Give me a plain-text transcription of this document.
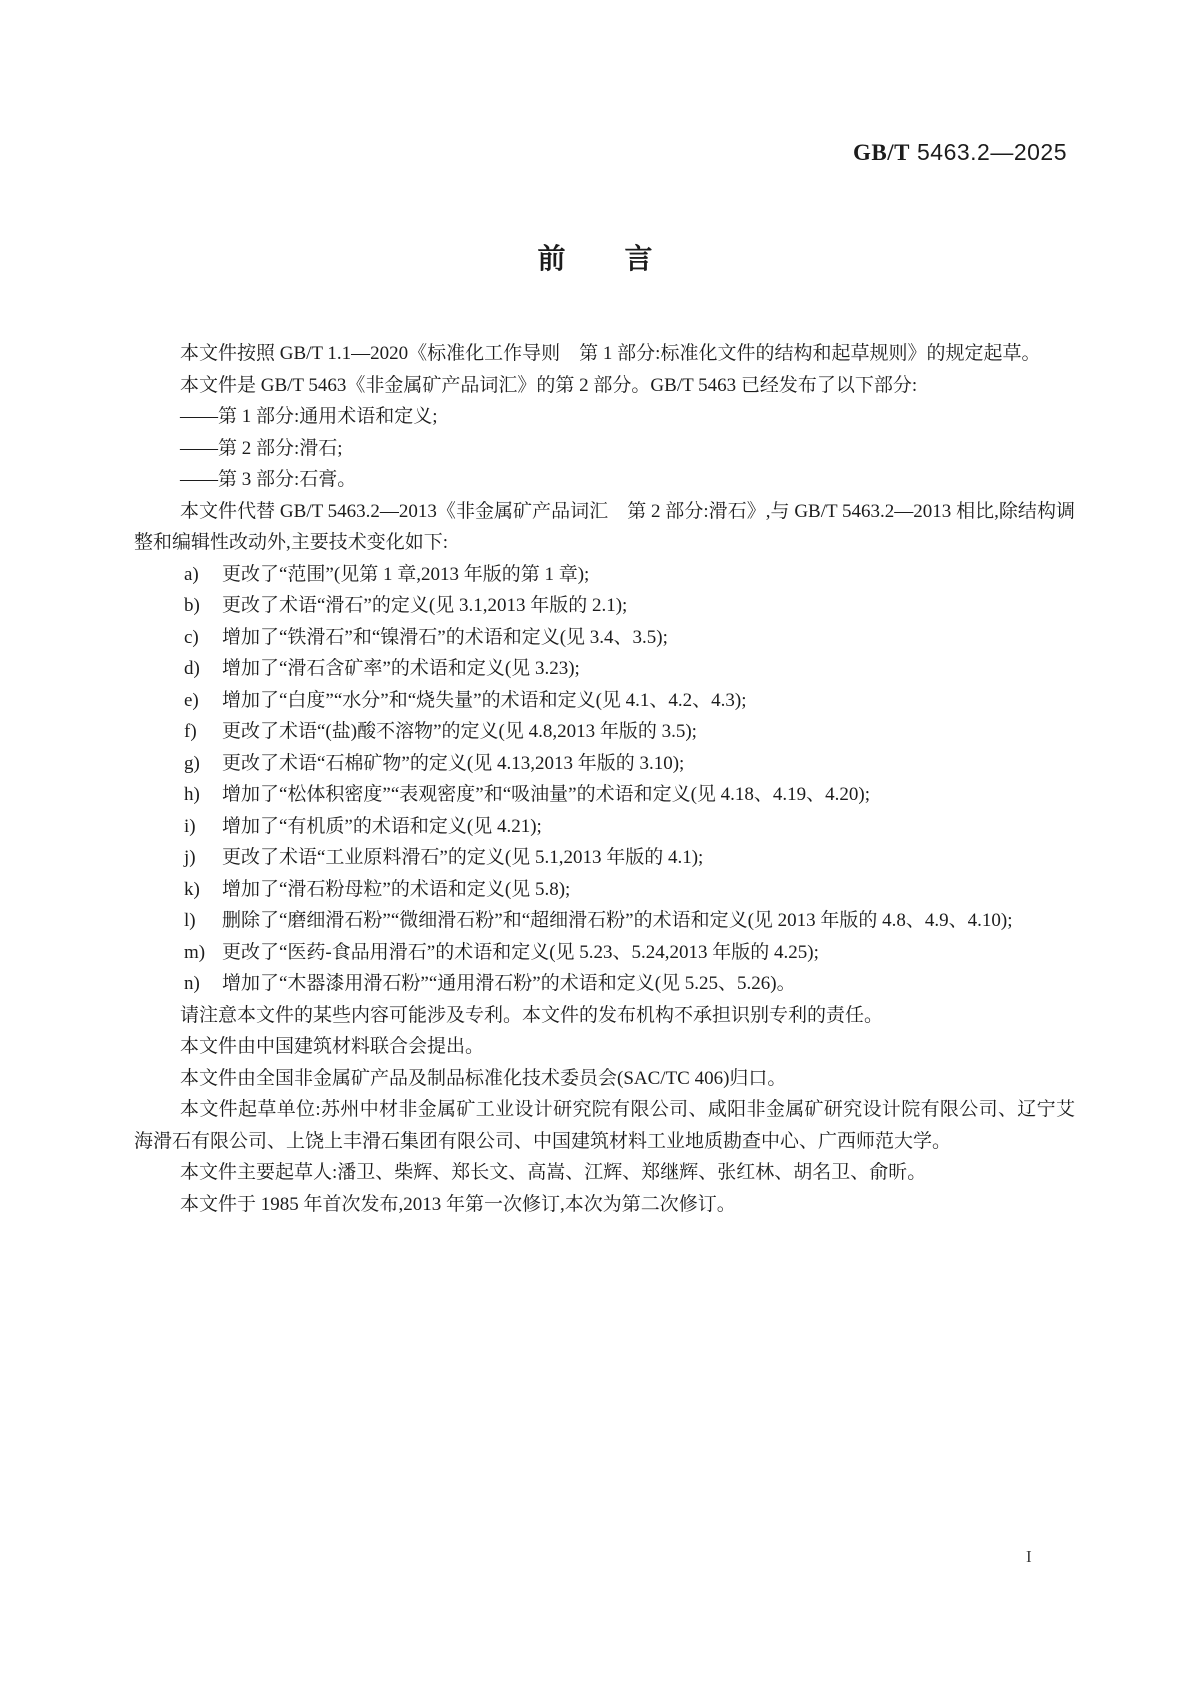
GB/T 5463.2—2025
前　　言

本文件按照 GB/T 1.1—2020《标准化工作导则　第 1 部分:标准化文件的结构和起草规则》的规定起草。

本文件是 GB/T 5463《非金属矿产品词汇》的第 2 部分。GB/T 5463 已经发布了以下部分:

——第 1 部分:通用术语和定义;

——第 2 部分:滑石;

——第 3 部分:石膏。

本文件代替 GB/T 5463.2—2013《非金属矿产品词汇　第 2 部分:滑石》,与 GB/T 5463.2—2013 相比,除结构调整和编辑性改动外,主要技术变化如下:

a) 更改了“范围”(见第 1 章,2013 年版的第 1 章);
b) 更改了术语“滑石”的定义(见 3.1,2013 年版的 2.1);
c) 增加了“铁滑石”和“镍滑石”的术语和定义(见 3.4、3.5);
d) 增加了“滑石含矿率”的术语和定义(见 3.23);
e) 增加了“白度”“水分”和“烧失量”的术语和定义(见 4.1、4.2、4.3);
f) 更改了术语“(盐)酸不溶物”的定义(见 4.8,2013 年版的 3.5);
g) 更改了术语“石棉矿物”的定义(见 4.13,2013 年版的 3.10);
h) 增加了“松体积密度”“表观密度”和“吸油量”的术语和定义(见 4.18、4.19、4.20);
i) 增加了“有机质”的术语和定义(见 4.21);
j) 更改了术语“工业原料滑石”的定义(见 5.1,2013 年版的 4.1);
k) 增加了“滑石粉母粒”的术语和定义(见 5.8);
l) 删除了“磨细滑石粉”“微细滑石粉”和“超细滑石粉”的术语和定义(见 2013 年版的 4.8、4.9、4.10);
m) 更改了“医药-食品用滑石”的术语和定义(见 5.23、5.24,2013 年版的 4.25);
n) 增加了“木器漆用滑石粉”“通用滑石粉”的术语和定义(见 5.25、5.26)。

请注意本文件的某些内容可能涉及专利。本文件的发布机构不承担识别专利的责任。

本文件由中国建筑材料联合会提出。

本文件由全国非金属矿产品及制品标准化技术委员会(SAC/TC 406)归口。

本文件起草单位:苏州中材非金属矿工业设计研究院有限公司、咸阳非金属矿研究设计院有限公司、辽宁艾海滑石有限公司、上饶上丰滑石集团有限公司、中国建筑材料工业地质勘查中心、广西师范大学。

本文件主要起草人:潘卫、柴辉、郑长文、高嵩、江辉、郑继辉、张红林、胡名卫、俞昕。

本文件于 1985 年首次发布,2013 年第一次修订,本次为第二次修订。

I
